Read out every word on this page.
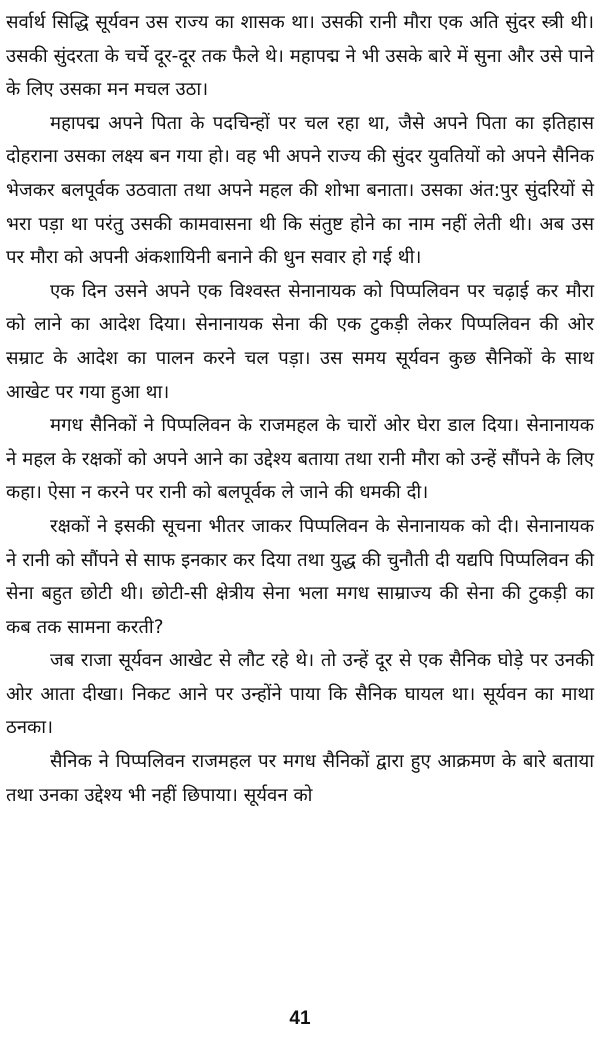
सर्वार्थ सिद्धि सूर्यवन उस राज्य का शासक था। उसकी रानी मौरा एक अति सुंदर स्त्री थी। उसकी सुंदरता के चर्चे दूर-दूर तक फैले थे। महापद्म ने भी उसके बारे में सुना और उसे पाने के लिए उसका मन मचल उठा।

महापद्म अपने पिता के पदचिन्हों पर चल रहा था, जैसे अपने पिता का इतिहास दोहराना उसका लक्ष्य बन गया हो। वह भी अपने राज्य की सुंदर युवतियों को अपने सैनिक भेजकर बलपूर्वक उठवाता तथा अपने महल की शोभा बनाता। उसका अंत:पुर सुंदरियों से भरा पड़ा था परंतु उसकी कामवासना थी कि संतुष्ट होने का नाम नहीं लेती थी। अब उस पर मौरा को अपनी अंकशायिनी बनाने की धुन सवार हो गई थी।

एक दिन उसने अपने एक विश्वस्त सेनानायक को पिप्पलिवन पर चढ़ाई कर मौरा को लाने का आदेश दिया। सेनानायक सेना की एक टुकड़ी लेकर पिप्पलिवन की ओर सम्राट के आदेश का पालन करने चल पड़ा। उस समय सूर्यवन कुछ सैनिकों के साथ आखेट पर गया हुआ था।

मगध सैनिकों ने पिप्पलिवन के राजमहल के चारों ओर घेरा डाल दिया। सेनानायक ने महल के रक्षकों को अपने आने का उद्देश्य बताया तथा रानी मौरा को उन्हें सौंपने के लिए कहा। ऐसा न करने पर रानी को बलपूर्वक ले जाने की धमकी दी।

रक्षकों ने इसकी सूचना भीतर जाकर पिप्पलिवन के सेनानायक को दी। सेनानायक ने रानी को सौंपने से साफ इनकार कर दिया तथा युद्ध की चुनौती दी यद्यपि पिप्पलिवन की सेना बहुत छोटी थी। छोटी-सी क्षेत्रीय सेना भला मगध साम्राज्य की सेना की टुकड़ी का कब तक सामना करती?

जब राजा सूर्यवन आखेट से लौट रहे थे। तो उन्हें दूर से एक सैनिक घोड़े पर उनकी ओर आता दीखा। निकट आने पर उन्होंने पाया कि सैनिक घायल था। सूर्यवन का माथा ठनका।

सैनिक ने पिप्पलिवन राजमहल पर मगध सैनिकों द्वारा हुए आक्रमण के बारे बताया तथा उनका उद्देश्य भी नहीं छिपाया। सूर्यवन को

41
